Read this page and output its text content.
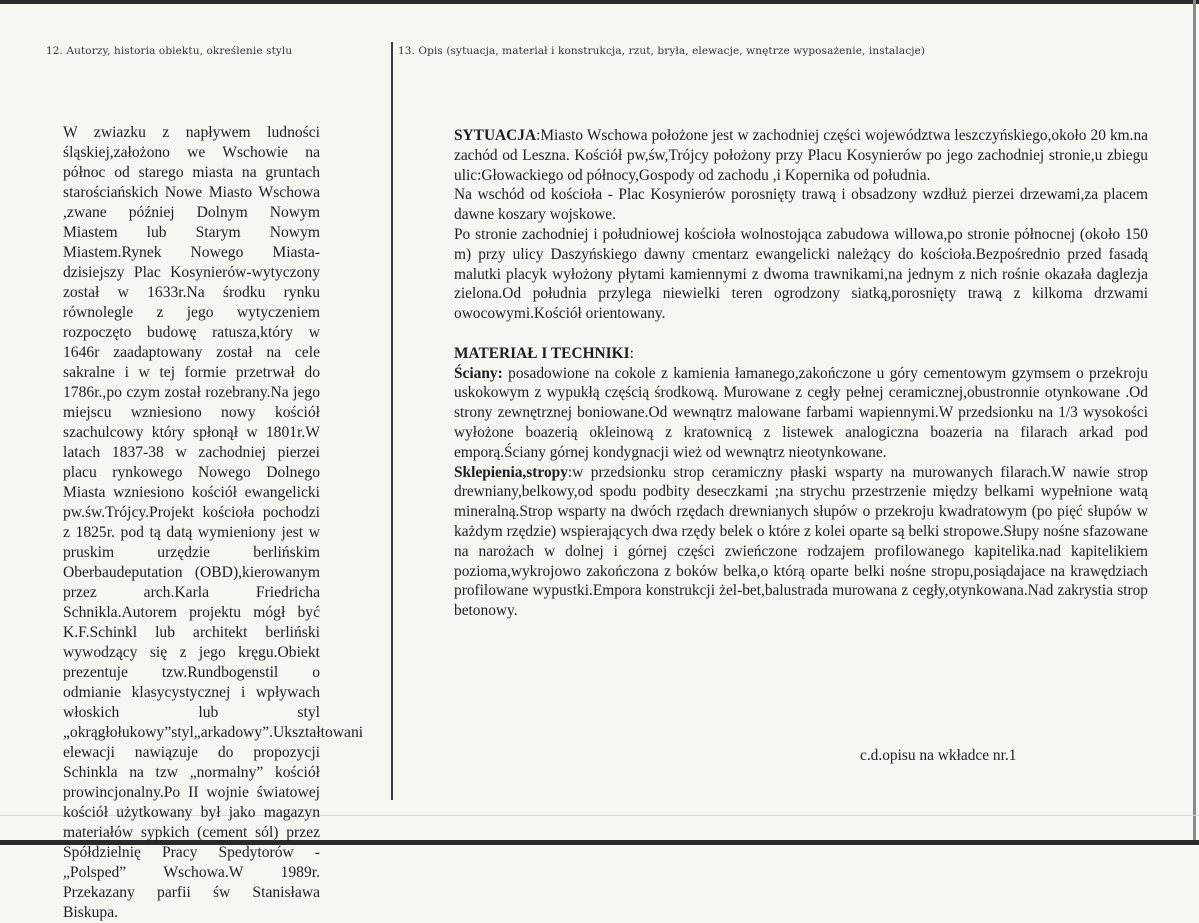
12. Autorzy, historia obiektu, określenie stylu	13. Opis (sytuacja, materiał i konstrukcja, rzut, bryła, elewacje, wnętrze wyposażenie, instalacje)

W zwiazku z napływem ludności śląskiej,założono we Wschowie na północ od starego miasta na gruntach starościańskich Nowe Miasto Wschowa ,zwane później Dolnym Nowym Miastem lub Starym Nowym Miastem.Rynek Nowego Miasta-dzisiejszy Plac Kosynierów-wytyczony został w 1633r.Na środku rynku równolegle z jego wytyczeniem rozpoczęto budowę ratusza,który w 1646r zaadaptowany został na cele sakralne i w tej formie przetrwał do 1786r.,po czym został rozebrany.Na jego miejscu wzniesiono nowy kościół szachulcowy który spłonął w 1801r.W latach 1837-38 w zachodniej pierzei placu rynkowego Nowego Dolnego Miasta wzniesiono kościół ewangelicki pw.św.Trójcy.Projekt kościoła pochodzi z 1825r. pod tą datą wymieniony jest w pruskim urzędzie berlińskim Oberbaudeputation (OBD),kierowanym przez arch.Karla Friedricha Schnikla.Autorem projektu mógł być K.F.Schinkl lub architekt berliński wywodzący się z jego kręgu.Obiekt prezentuje tzw.Rundbogenstil o odmianie klasycystycznej i wpływach włoskich lub styl „okrągłołukowy”styl„arkadowy”.Ukształtowani elewacji nawiązuje do propozycji Schinkla na tzw „normalny” kościół prowincjonalny.Po II wojnie światowej kościół użytkowany był jako magazyn materiałów sypkich (cement sól) przez Spółdzielnię Pracy Spedytorów - „Polsped” Wschowa.W 1989r. Przekazany parfii św Stanisława Biskupa.

SYTUACJA:Miasto Wschowa położone jest w zachodniej części województwa leszczyńskiego,około 20 km.na zachód od Leszna. Kościół pw,św,Trójcy położony przy Placu Kosynierów po jego zachodniej stronie,u zbiegu ulic:Głowackiego od północy,Gospody od zachodu ,i Kopernika od południa.

Na wschód od kościoła - Plac Kosynierów porosnięty trawą i obsadzony wzdłuż pierzei drzewami,za placem dawne koszary wojskowe.

Po stronie zachodniej i południowej kościoła wolnostojąca zabudowa willowa,po stronie północnej (około 150 m) przy ulicy Daszyńskiego dawny cmentarz ewangelicki należący do kościoła.Bezpośrednio przed fasadą malutki placyk wyłożony płytami kamiennymi z dwoma trawnikami,na jednym z nich rośnie okazała daglezja zielona.Od południa przylega niewielki teren ogrodzony siatką,porosnięty trawą z kilkoma drzwami owocowymi.Kościół orientowany.

MATERIAŁ I TECHNIKI:

Ściany: posadowione na cokole z kamienia łamanego,zakończone u góry cementowym gzymsem o przekroju uskokowym z wypukłą częścią środkową. Murowane z cegły pełnej ceramicznej,obustronnie otynkowane .Od strony zewnętrznej boniowane.Od wewnątrz malowane farbami wapiennymi.W przedsionku na 1/3 wysokości wyłożone boazerią okleinową z kratownicą z listewek analogiczna boazeria na filarach arkad pod emporą.Ściany górnej kondygnacji wież od wewnątrz nieotynkowane.

Sklepienia,stropy:w przedsionku strop ceramiczny płaski wsparty na murowanych filarach.W nawie strop drewniany,belkowy,od spodu podbity deseczkami ;na strychu przestrzenie między belkami wypełnione watą mineralną.Strop wsparty na dwóch rzędach drewnianych słupów o przekroju kwadratowym (po pięć słupów w każdym rzędzie) wspierających dwa rzędy belek o które z kolei oparte są belki stropowe.Słupy nośne sfazowane na narożach w dolnej i górnej części zwieńczone rodzajem profilowanego kapitelika.nad kapitelikiem pozioma,wykrojowo zakończona z boków belka,o którą oparte belki nośne stropu,posiądajace na krawędziach profilowane wypustki.Empora konstrukcji żel-bet,balustrada murowana z cegły,otynkowana.Nad zakrystia strop betonowy.

c.d.opisu na wkładce nr.1
